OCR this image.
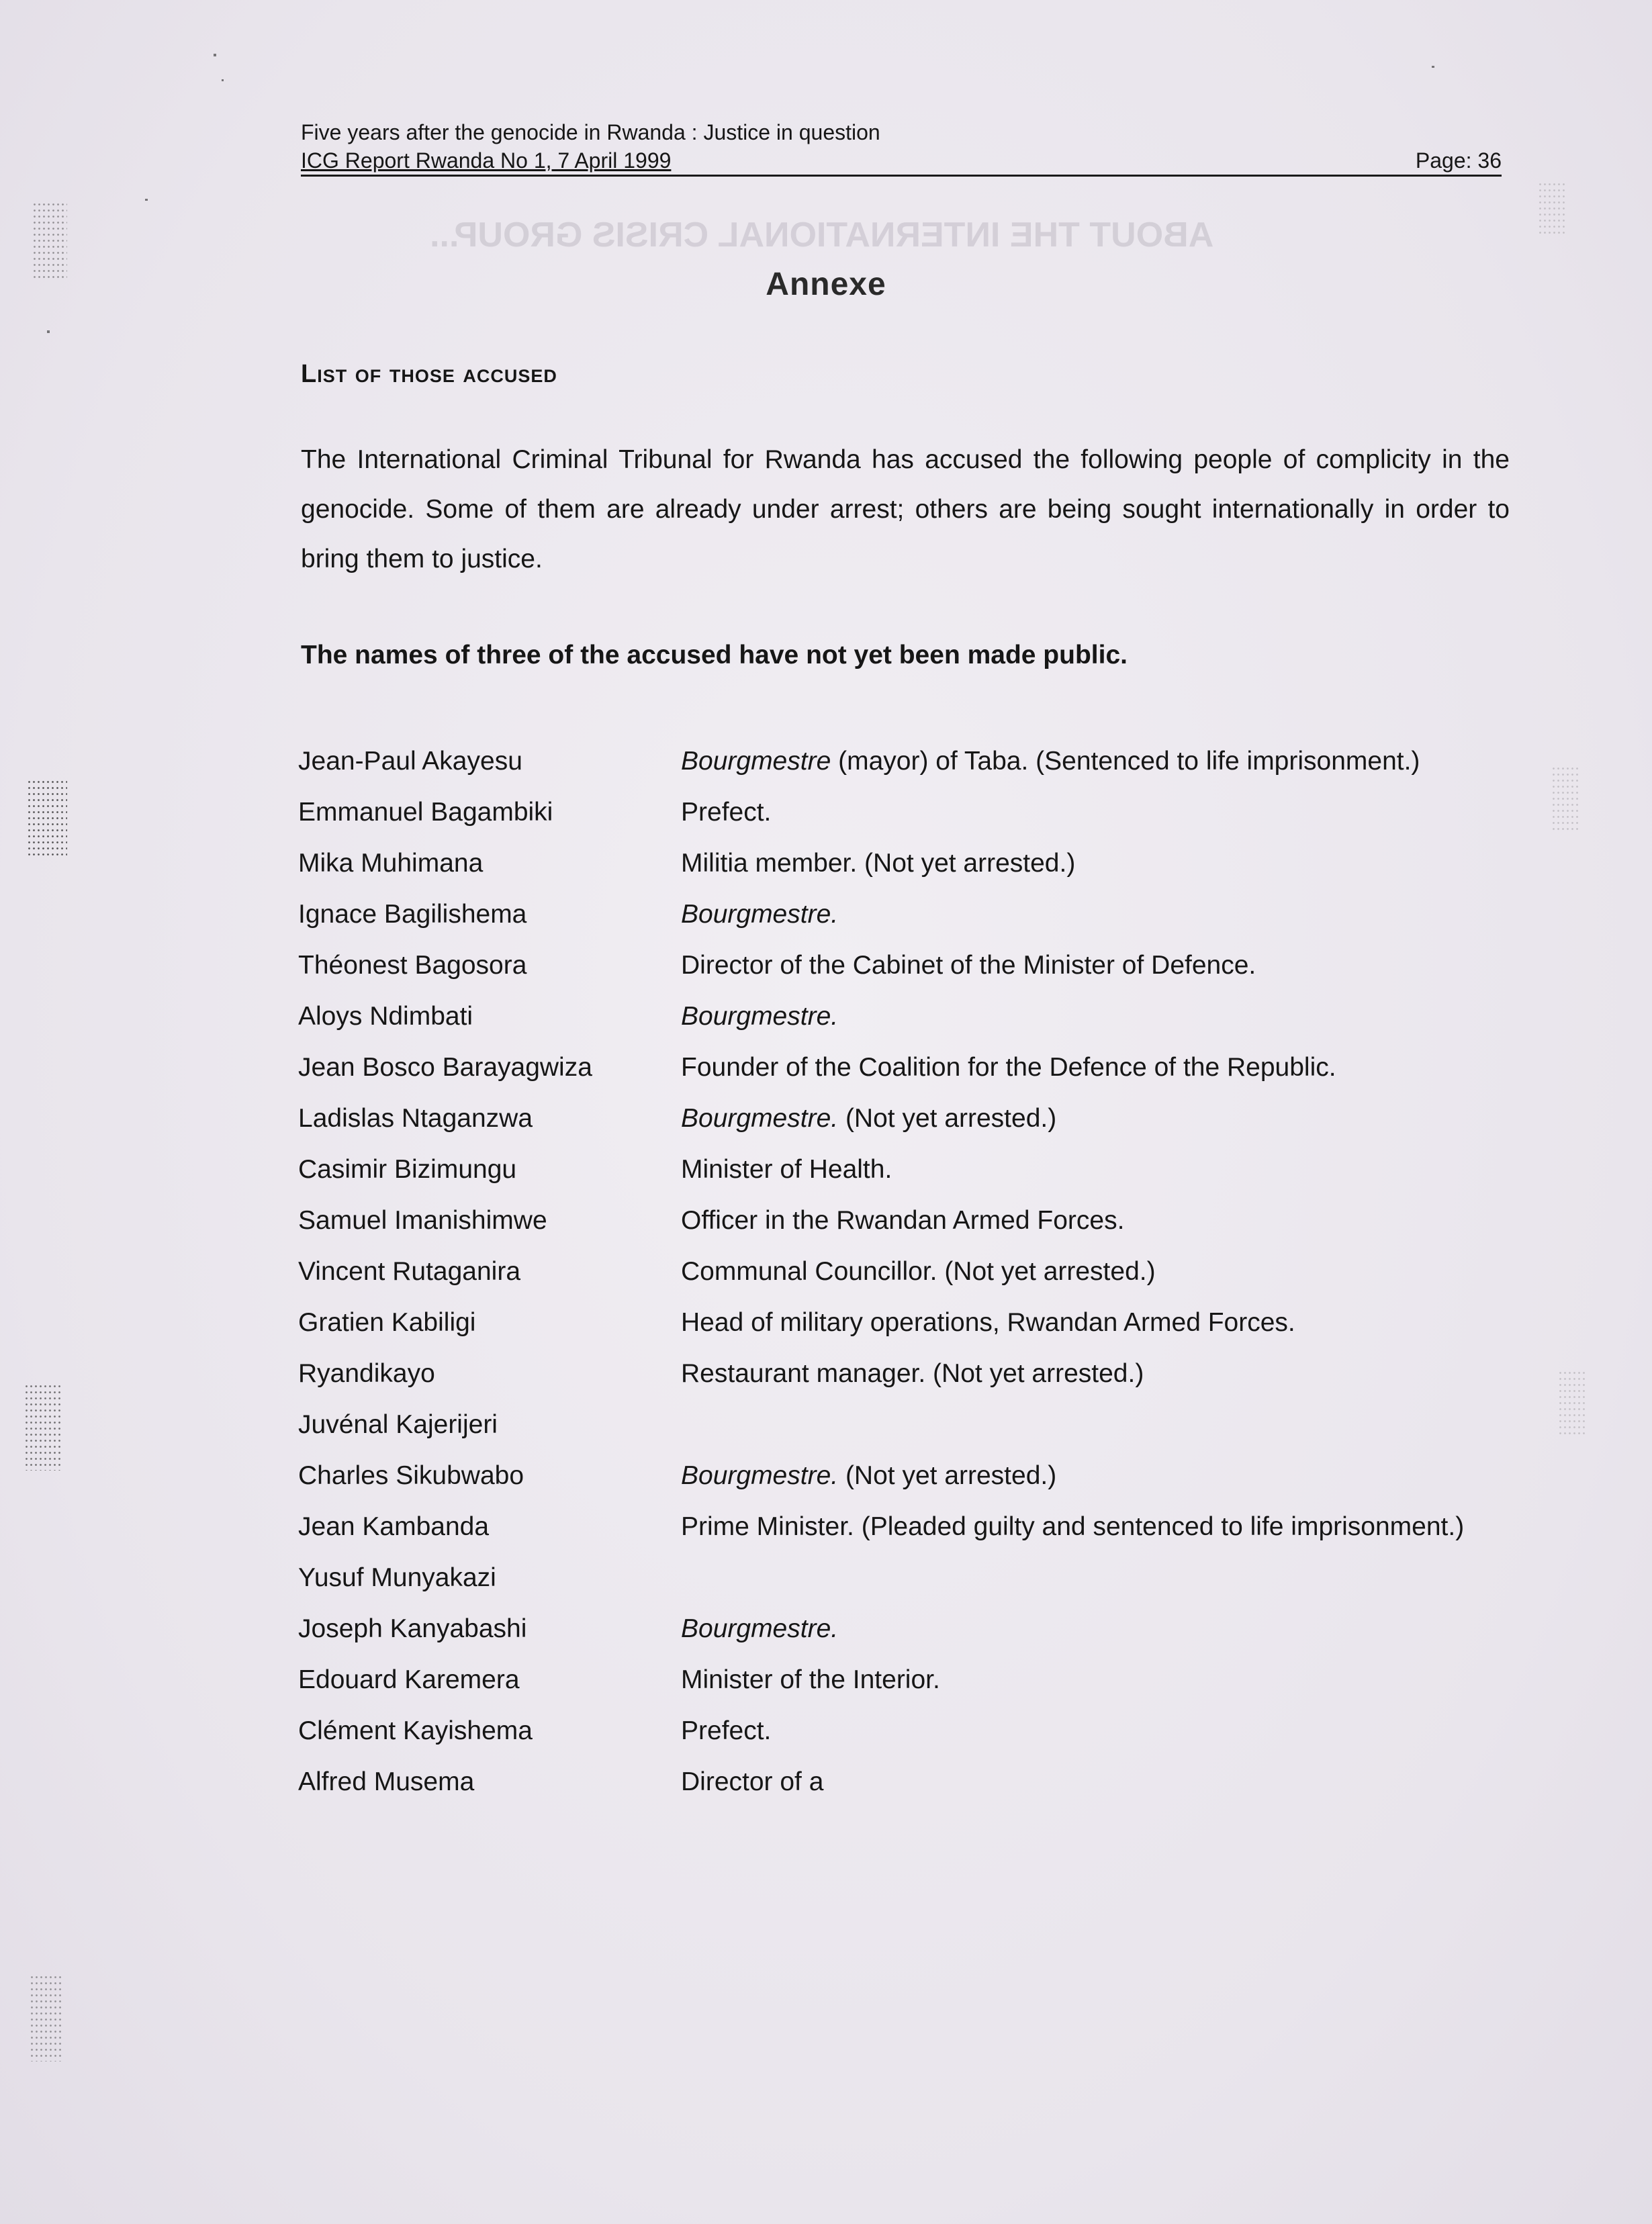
ABOUT THE INTERNATIONAL CRISIS GROUP...
Five years after the genocide in Rwanda : Justice in question
ICG Report Rwanda No 1, 7 April 1999	Page: 36
Annexe
List of those accused
The International Criminal Tribunal for Rwanda has accused the following people of complicity in the genocide. Some of them are already under arrest; others are being sought internationally in order to bring them to justice.
The names of three of the accused have not yet been made public.
Jean-Paul Akayesu	Bourgmestre (mayor) of Taba. (Sentenced to life imprisonment.)
Emmanuel Bagambiki	Prefect.
Mika Muhimana	Militia member. (Not yet arrested.)
Ignace Bagilishema	Bourgmestre.
Théonest Bagosora	Director of the Cabinet of the Minister of Defence.
Aloys Ndimbati	Bourgmestre.
Jean Bosco Barayagwiza	Founder of the Coalition for the Defence of the Republic.
Ladislas Ntaganzwa	Bourgmestre. (Not yet arrested.)
Casimir Bizimungu	Minister of Health.
Samuel Imanishimwe	Officer in the Rwandan Armed Forces.
Vincent Rutaganira	Communal Councillor. (Not yet arrested.)
Gratien Kabiligi	Head of military operations, Rwandan Armed Forces.
Ryandikayo	Restaurant manager. (Not yet arrested.)
Juvénal Kajerijeri
Charles Sikubwabo	Bourgmestre. (Not yet arrested.)
Jean Kambanda	Prime Minister. (Pleaded guilty and sentenced to life imprisonment.)
Yusuf Munyakazi
Joseph Kanyabashi	Bourgmestre.
Edouard Karemera	Minister of the Interior.
Clément Kayishema	Prefect.
Alfred Musema	Director of a
